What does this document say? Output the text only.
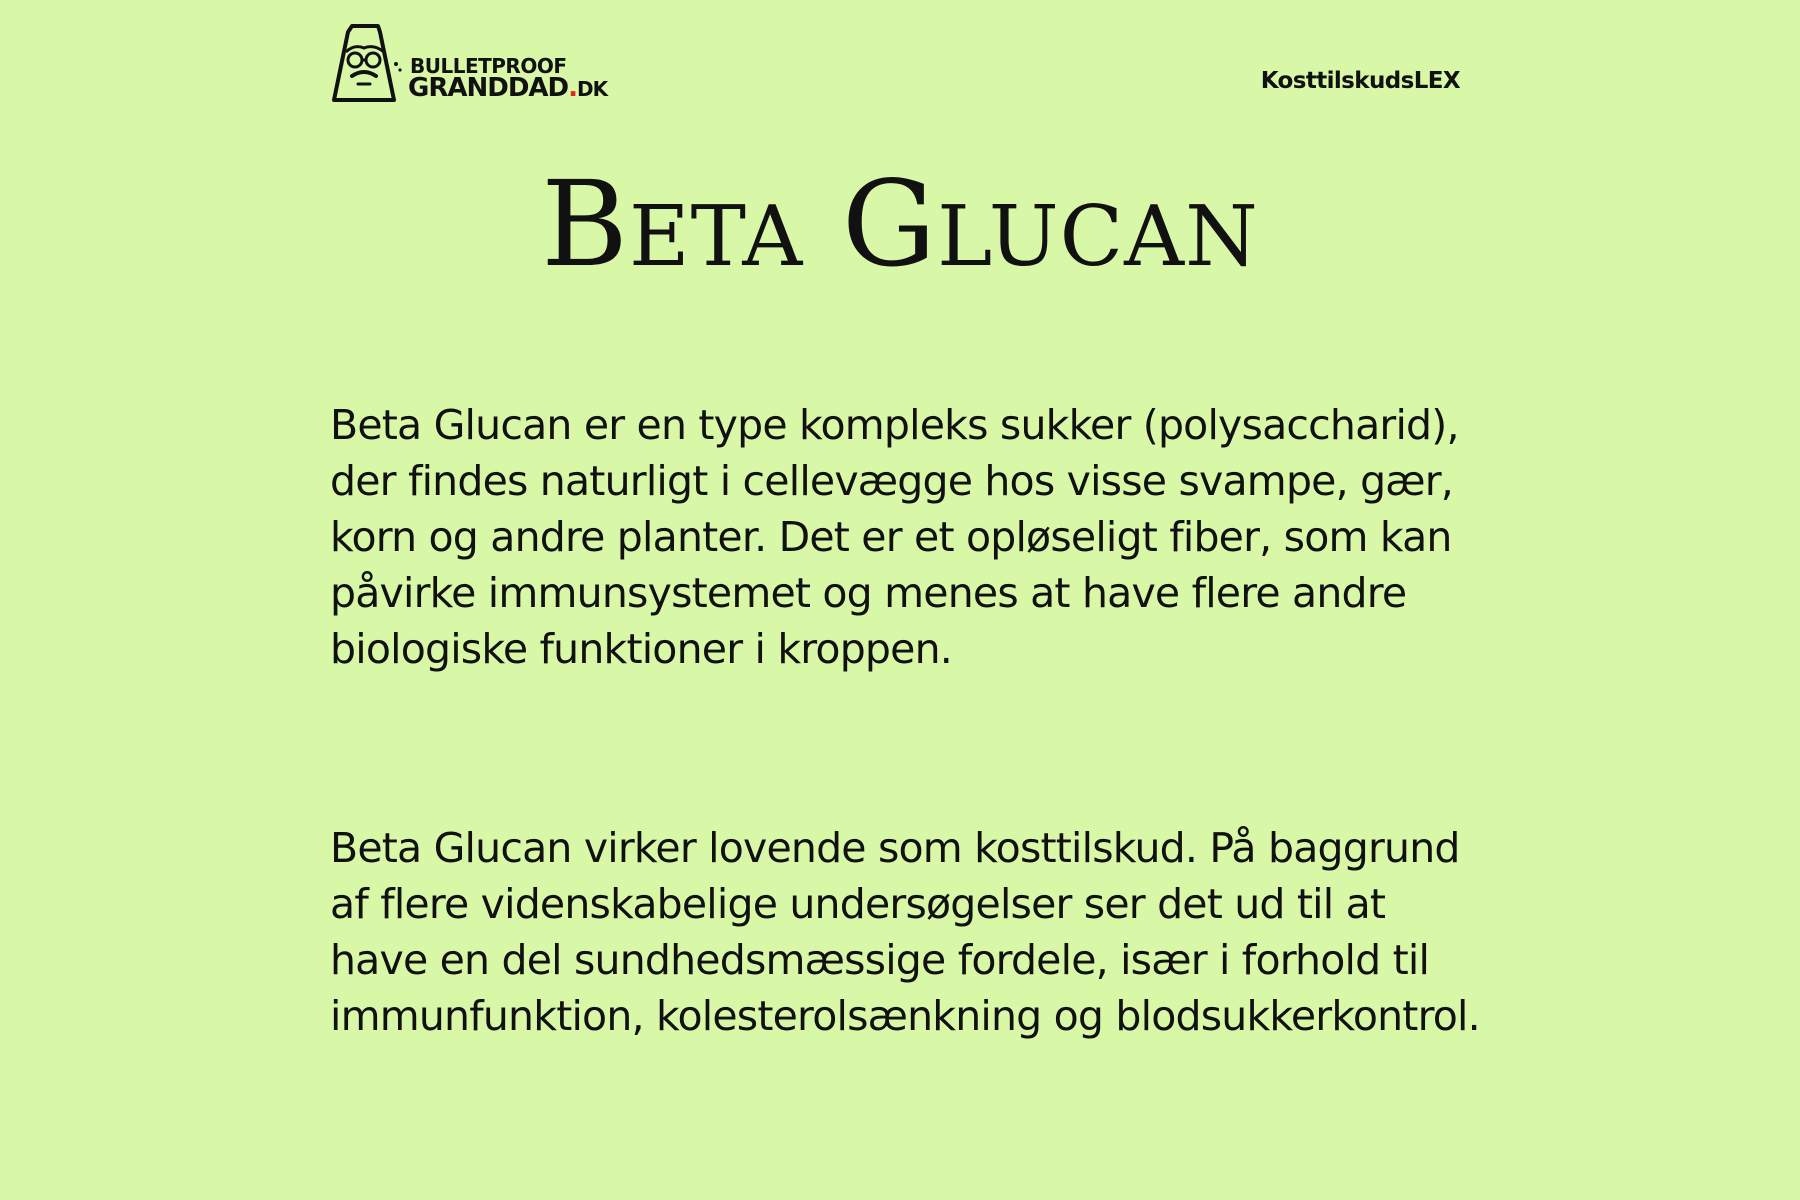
BULLETPROOF
GRANDDAD.DK	KosttilskudsLEX
Beta Glucan

Beta Glucan er en type kompleks sukker (polysaccharid), der findes naturligt i cellevægge hos visse svampe, gær, korn og andre planter. Det er et opløseligt fiber, som kan påvirke immunsystemet og menes at have flere andre biologiske funktioner i kroppen.

Beta Glucan virker lovende som kosttilskud. På baggrund af flere videnskabelige undersøgelser ser det ud til at have en del sundhedsmæssige fordele, især i forhold til immunfunktion, kolesterolsænkning og blodsukkerkontrol.
